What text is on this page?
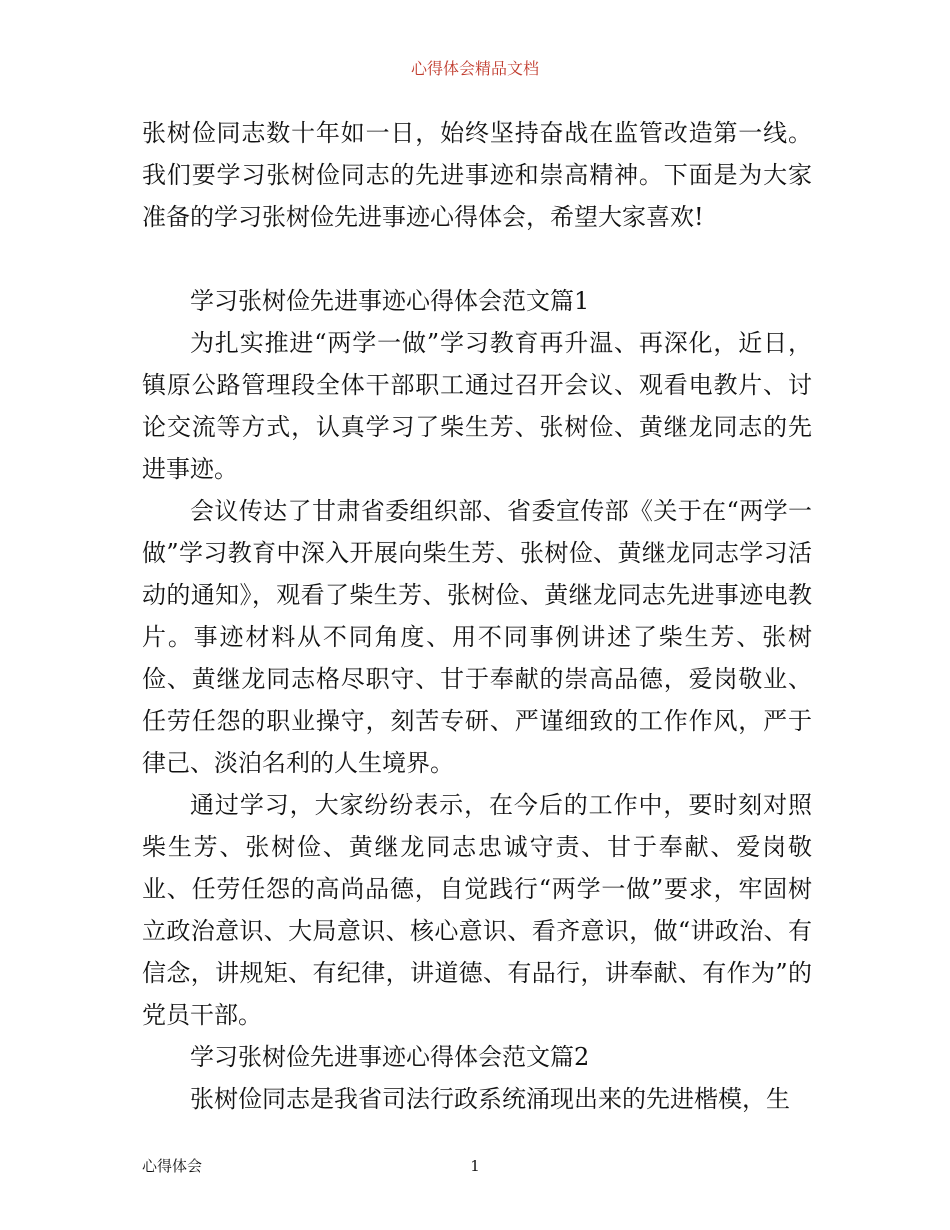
心得体会精品文档

张树俭同志数十年如一日，始终坚持奋战在监管改造第一线。我们要学习张树俭同志的先进事迹和崇高精神。下面是为大家准备的学习张树俭先进事迹心得体会，希望大家喜欢!

学习张树俭先进事迹心得体会范文篇1

为扎实推进“两学一做”学习教育再升温、再深化，近日，镇原公路管理段全体干部职工通过召开会议、观看电教片、讨论交流等方式，认真学习了柴生芳、张树俭、黄继龙同志的先进事迹。

会议传达了甘肃省委组织部、省委宣传部《关于在“两学一做”学习教育中深入开展向柴生芳、张树俭、黄继龙同志学习活动的通知》，观看了柴生芳、张树俭、黄继龙同志先进事迹电教片。事迹材料从不同角度、用不同事例讲述了柴生芳、张树俭、黄继龙同志格尽职守、甘于奉献的崇高品德，爱岗敬业、任劳任怨的职业操守，刻苦专研、严谨细致的工作作风，严于律己、淡泊名利的人生境界。

通过学习，大家纷纷表示，在今后的工作中，要时刻对照柴生芳、张树俭、黄继龙同志忠诚守责、甘于奉献、爱岗敬业、任劳任怨的高尚品德，自觉践行“两学一做”要求，牢固树立政治意识、大局意识、核心意识、看齐意识，做“讲政治、有信念，讲规矩、有纪律，讲道德、有品行，讲奉献、有作为”的党员干部。

学习张树俭先进事迹心得体会范文篇2

张树俭同志是我省司法行政系统涌现出来的先进楷模，生

心得体会	1
